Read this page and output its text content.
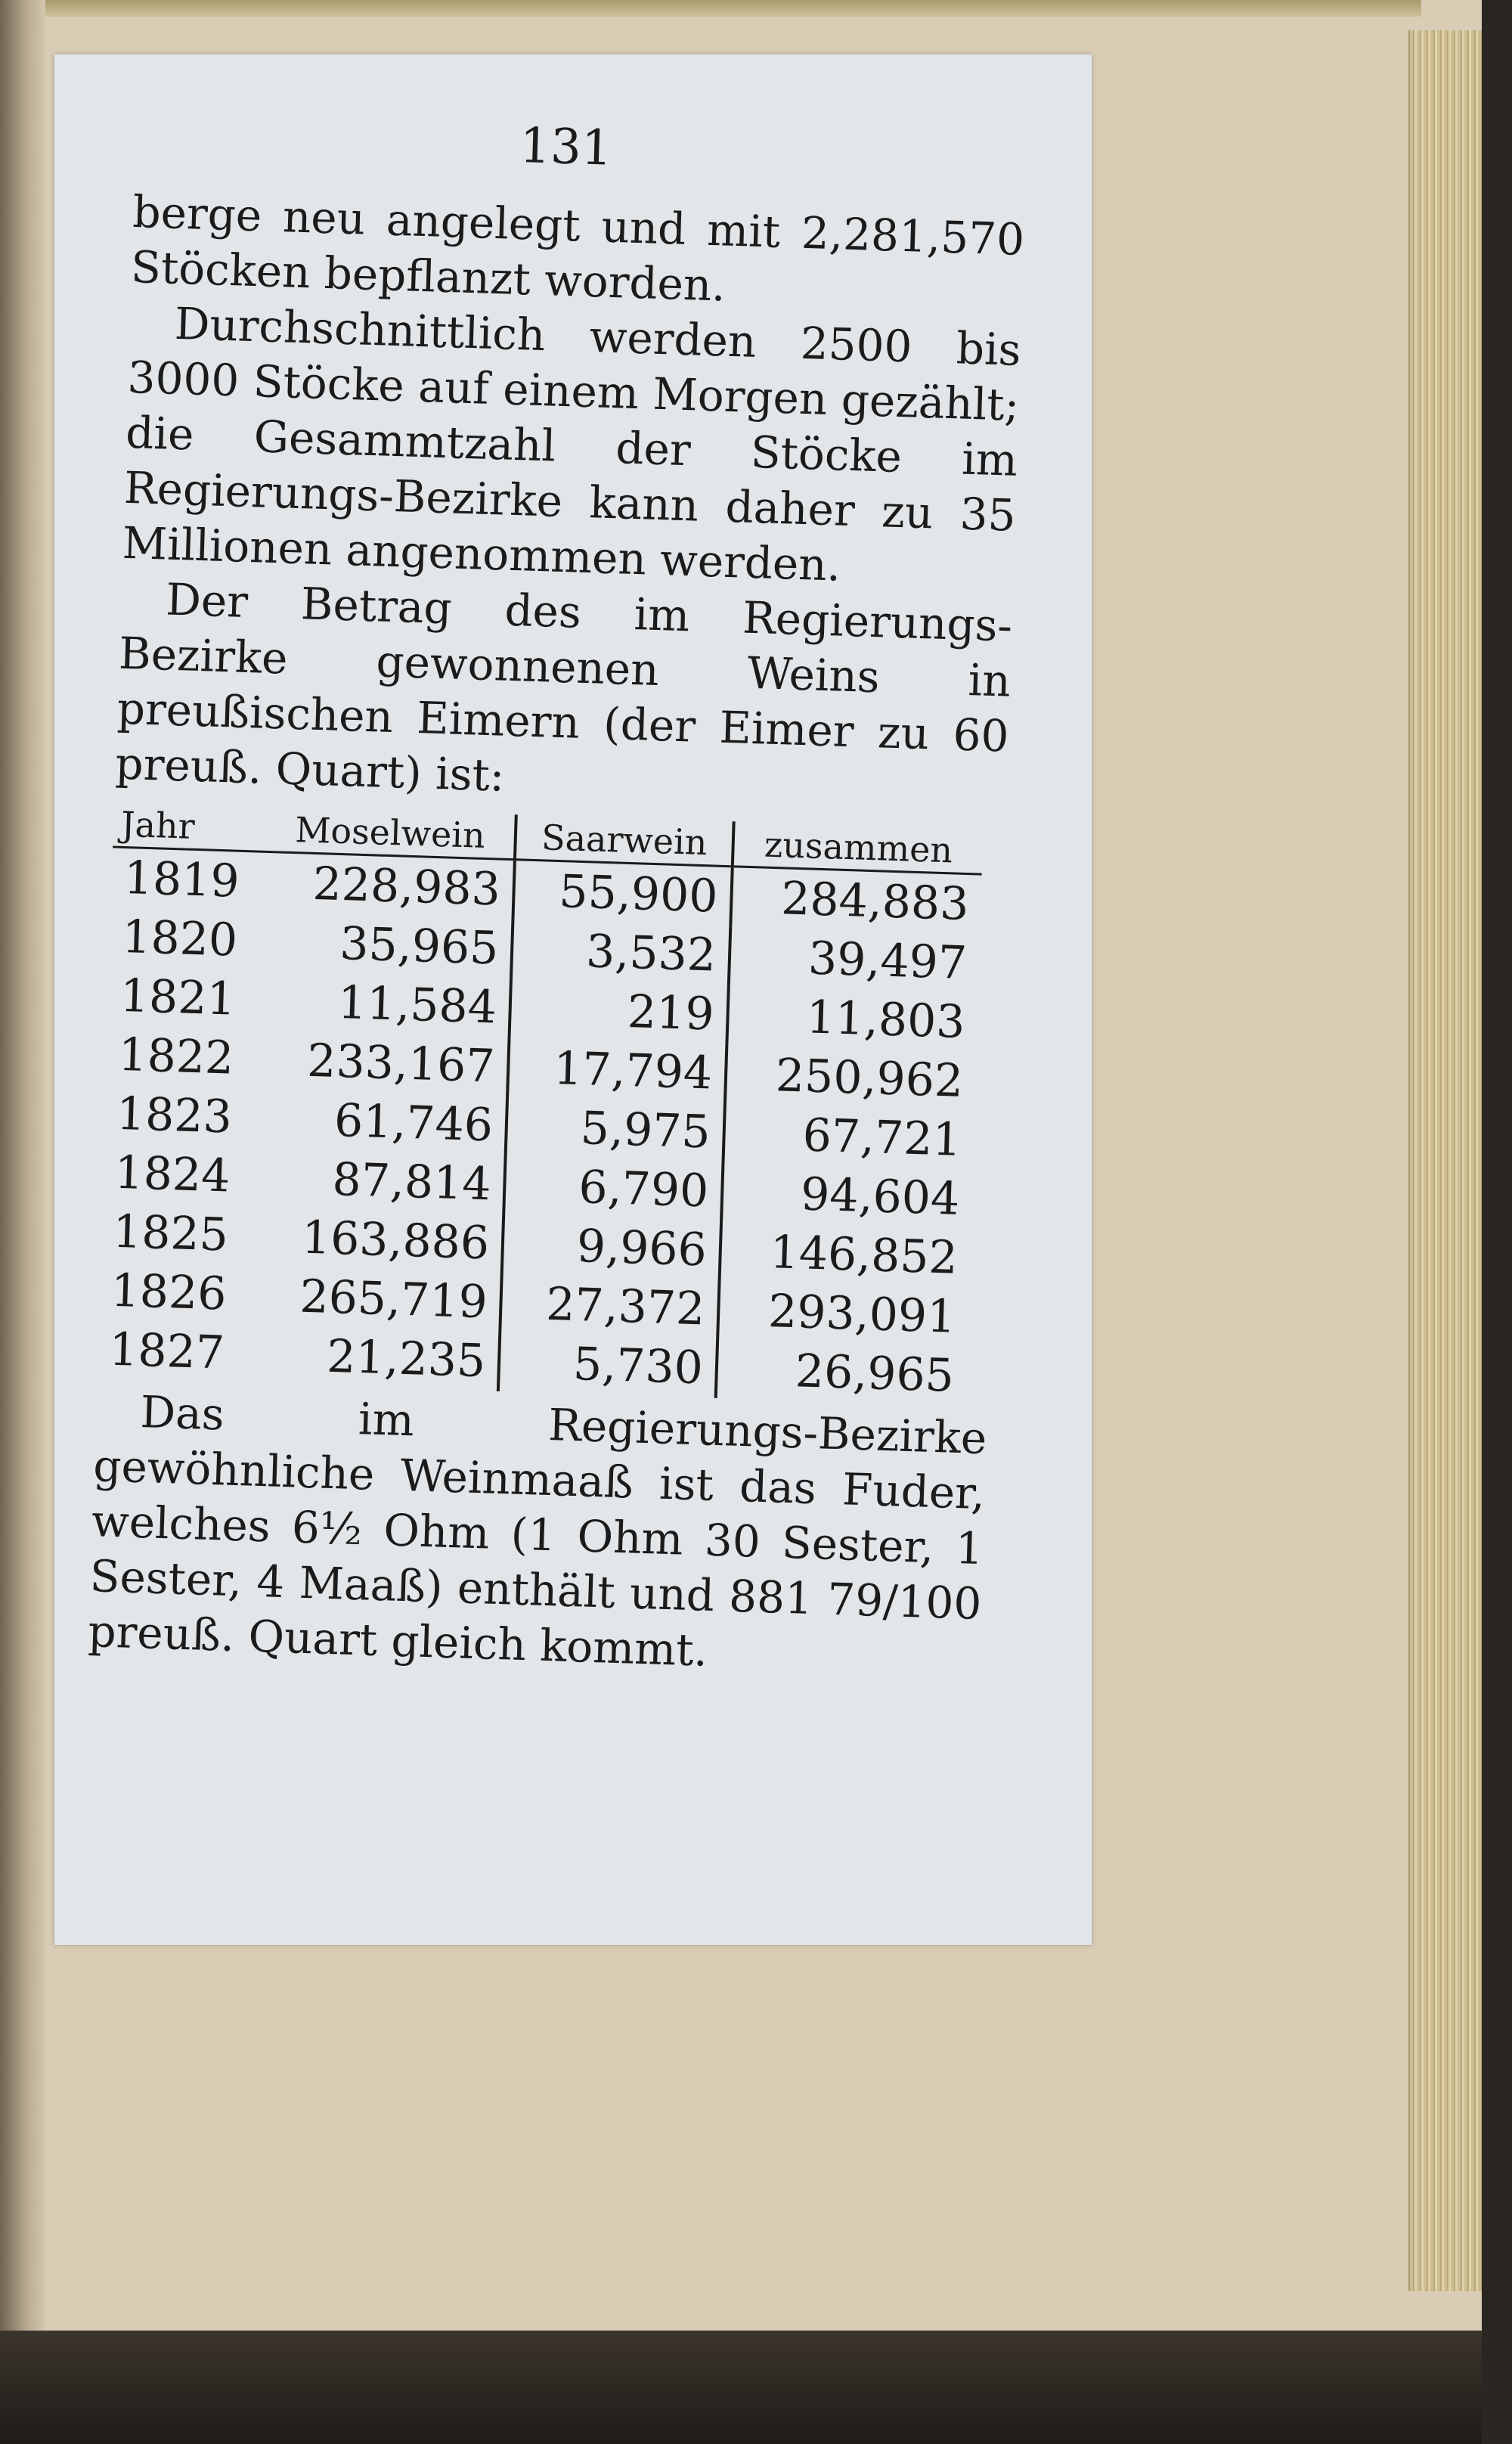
131

berge neu angelegt und mit 2,281,570 Stöcken bepflanzt worden.

Durchschnittlich werden 2500 bis 3000 Stöcke auf einem Morgen gezählt; die Gesammtzahl der Stöcke im Regierungs-Bezirke kann daher zu 35 Millionen angenommen werden.

Der Betrag des im Regierungs-Bezirke gewonnenen Weins in preußischen Eimern (der Eimer zu 60 preuß. Quart) ist:

Jahr	Moselwein	Saarwein	zusammen
1819	228,983	55,900	284,883
1820	35,965	3,532	39,497
1821	11,584	219	11,803
1822	233,167	17,794	250,962
1823	61,746	5,975	67,721
1824	87,814	6,790	94,604
1825	163,886	9,966	146,852
1826	265,719	27,372	293,091
1827	21,235	5,730	26,965

Das im Regierungs-Bezirke gewöhnliche Weinmaaß ist das Fuder, welches 6½ Ohm (1 Ohm 30 Sester, 1 Sester, 4 Maaß) enthält und 881 79/100 preuß. Quart gleich kommt.
